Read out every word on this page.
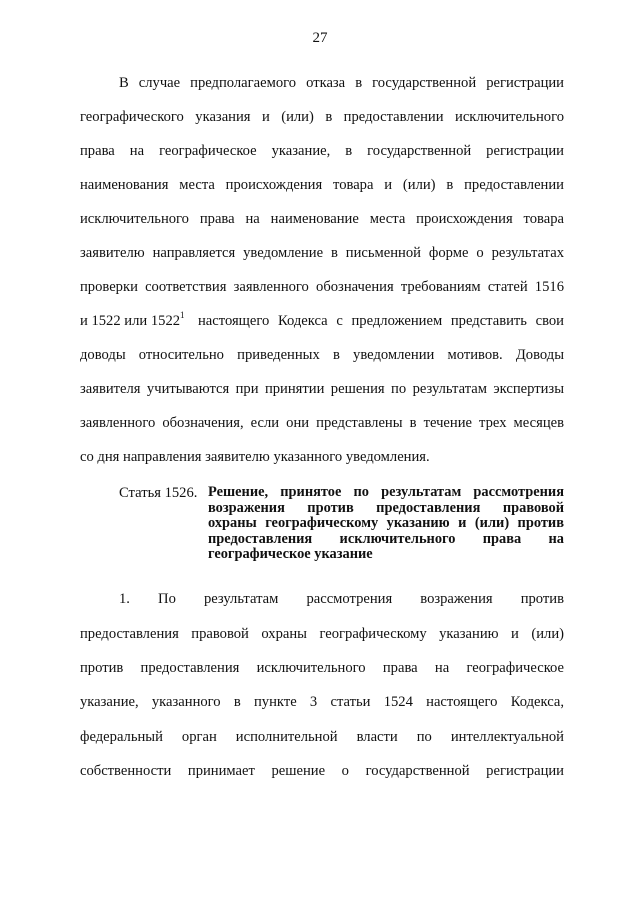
27
В случае предполагаемого отказа в государственной регистрации
географического указания и (или) в предоставлении исключительного
права на географическое указание, в государственной регистрации
наименования места происхождения товара и (или) в предоставлении
исключительного права на наименование места происхождения товара
заявителю направляется уведомление в письменной форме о результатах
проверки соответствия заявленного обозначения требованиям статей 1516
и 1522 или 1522$^1$ настоящего Кодекса с предложением представить свои
доводы относительно приведенных в уведомлении мотивов. Доводы
заявителя учитываются при принятии решения по результатам экспертизы
заявленного обозначения, если они представлены в течение трех месяцев
со дня направления заявителю указанного уведомления.
Статья 1526. Решение, принятое по результатам рассмотрения
возражения против предоставления правовой
охраны географическому указанию и (или) против
предоставления исключительного права на
географическое указание
1. По результатам рассмотрения возражения против
предоставления правовой охраны географическому указанию и (или)
против предоставления исключительного права на географическое
указание, указанного в пункте 3 статьи 1524 настоящего Кодекса,
федеральный орган исполнительной власти по интеллектуальной
собственности принимает решение о государственной регистрации
